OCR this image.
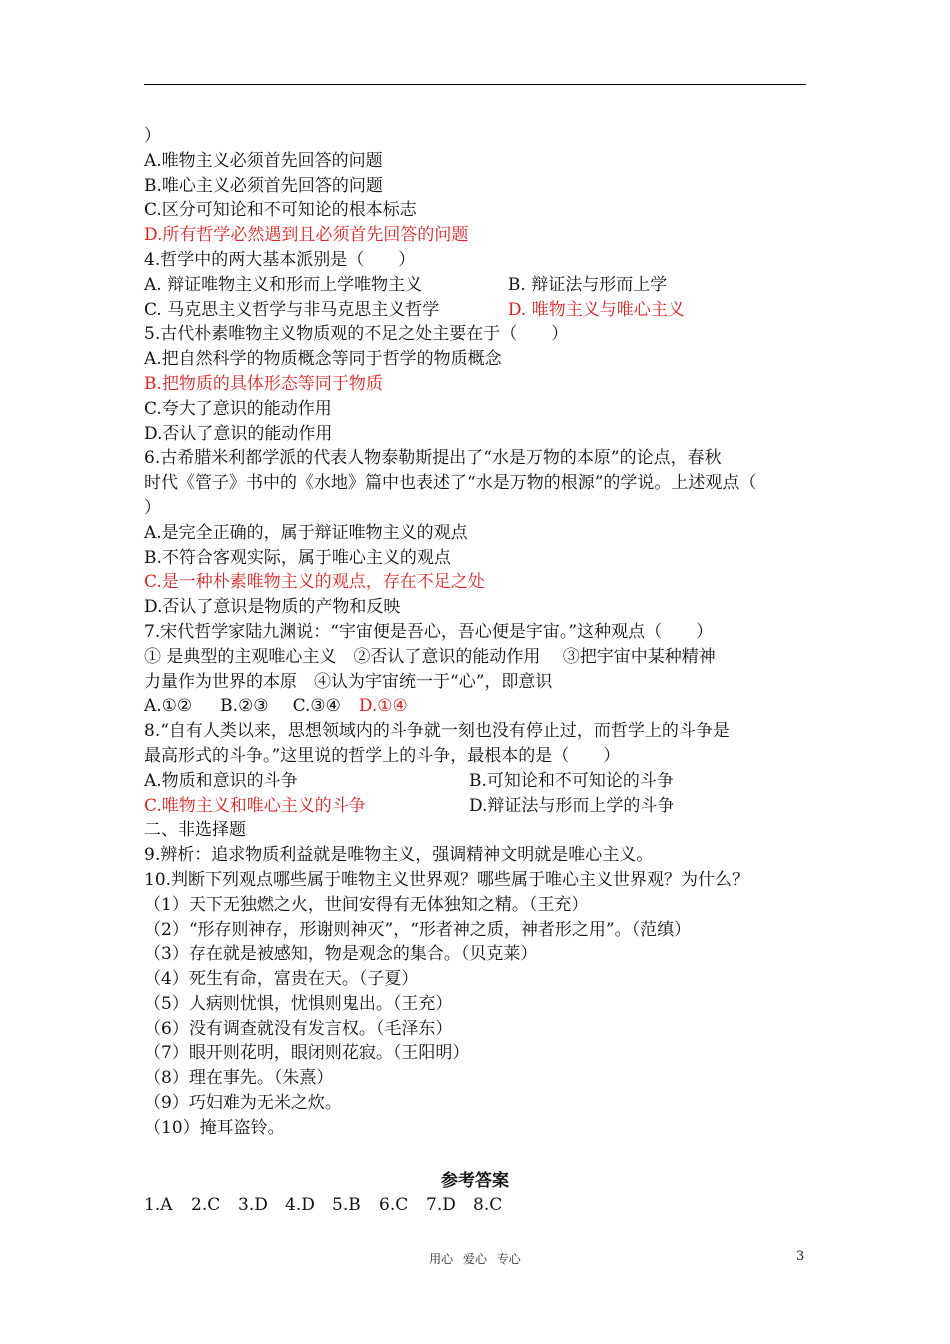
）
A.唯物主义必须首先回答的问题
B.唯心主义必须首先回答的问题
C.区分可知论和不可知论的根本标志
D.所有哲学必然遇到且必须首先回答的问题
4.哲学中的两大基本派别是（　　）
A. 辩证唯物主义和形而上学唯物主义	B. 辩证法与形而上学
C. 马克思主义哲学与非马克思主义哲学	D. 唯物主义与唯心主义
5.古代朴素唯物主义物质观的不足之处主要在于（　　）
A.把自然科学的物质概念等同于哲学的物质概念
B.把物质的具体形态等同于物质
C.夸大了意识的能动作用
D.否认了意识的能动作用
6.古希腊米利都学派的代表人物泰勒斯提出了“水是万物的本原”的论点，春秋
时代《管子》书中的《水地》篇中也表述了“水是万物的根源”的学说。上述观点（
）
A.是完全正确的，属于辩证唯物主义的观点
B.不符合客观实际，属于唯心主义的观点
C.是一种朴素唯物主义的观点，存在不足之处
D.否认了意识是物质的产物和反映
7.宋代哲学家陆九渊说：“宇宙便是吾心，吾心便是宇宙。”这种观点（　　）
① 是典型的主观唯心主义　②否认了意识的能动作用　 ③把宇宙中某种精神
力量作为世界的本原　④认为宇宙统一于“心”，即意识
A.①② B.②③ C.③④ D.①④
8.“自有人类以来，思想领域内的斗争就一刻也没有停止过，而哲学上的斗争是
最高形式的斗争。”这里说的哲学上的斗争，最根本的是（　　）
A.物质和意识的斗争	B.可知论和不可知论的斗争
C.唯物主义和唯心主义的斗争	D.辩证法与形而上学的斗争
二、非选择题
9.辨析：追求物质利益就是唯物主义，强调精神文明就是唯心主义。
10.判断下列观点哪些属于唯物主义世界观？哪些属于唯心主义世界观？为什么？
（1）天下无独燃之火，世间安得有无体独知之精。（王充）
（2）“形存则神存，形谢则神灭”，“形者神之质，神者形之用”。（范缜）
（3）存在就是被感知，物是观念的集合。（贝克莱）
（4）死生有命，富贵在天。（子夏）
（5）人病则忧惧，忧惧则鬼出。（王充）
（6）没有调查就没有发言权。（毛泽东）
（7）眼开则花明，眼闭则花寂。（王阳明）
（8）理在事先。（朱熹）
（9）巧妇难为无米之炊。
（10）掩耳盗铃。
参考答案
1.A 2.C 3.D 4.D 5.B 6.C 7.D 8.C
用心 爱心 专心	3
